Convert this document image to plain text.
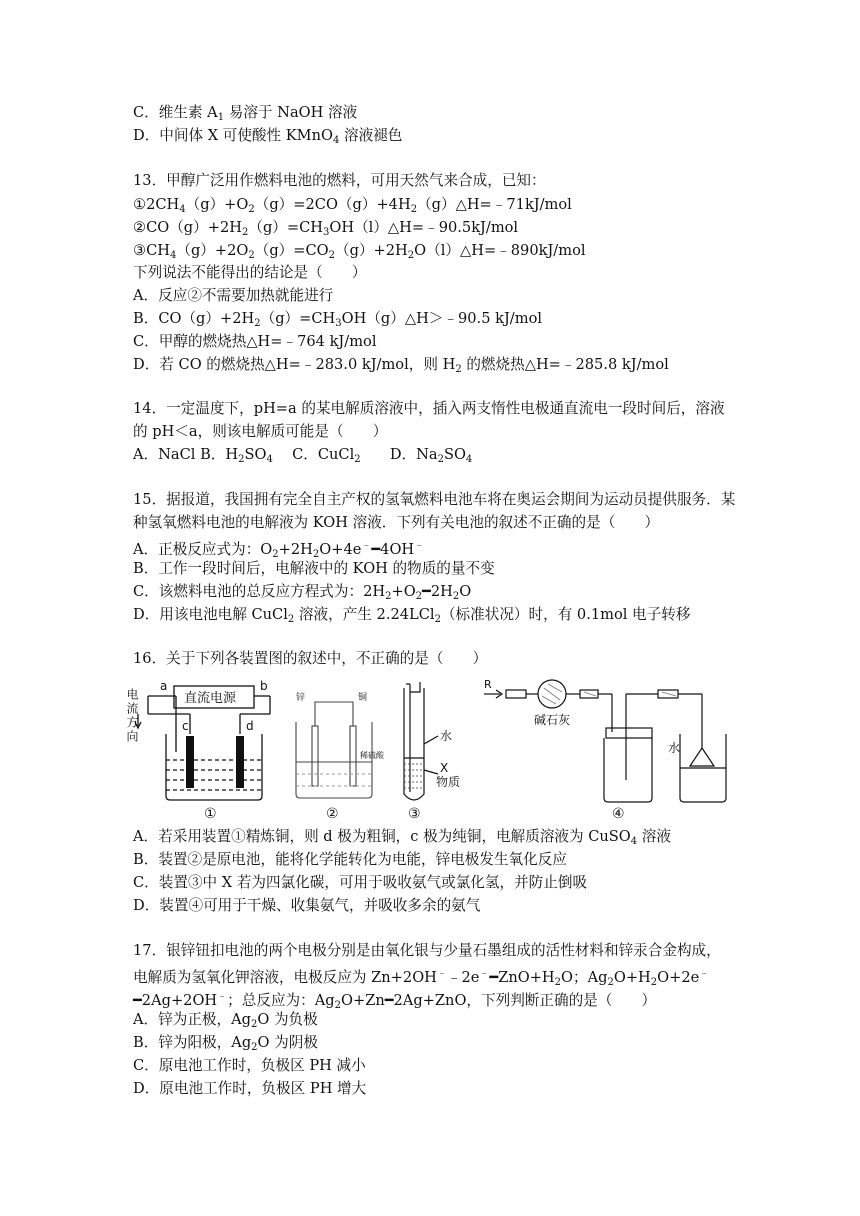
C．维生素 $A_1$ 易溶于 NaOH 溶液
D．中间体 X 可使酸性 KMnO$_4$ 溶液褪色
13．甲醇广泛用作燃料电池的燃料，可用天然气来合成，已知：
$①2CH_4(g)+O_2(g)=2CO(g)+4H_2(g)\triangle H=﹣71kJ$/mol
$②CO(g)+2H_2(g)=CH_3OH(l)\triangle H=﹣90.5kJ$/mol
$③CH_4(g)+2O_2(g)=CO_2(g)+2H_2O(l)\triangle H=﹣890kJ$/mol
下列说法不能得出的结论是（　　）
A．反应②不需要加热就能进行
B．$CO(g)+2H_2(g)=CH_3OH(g)\triangle H>﹣90.5$ kJ/mol
C．甲醇的燃烧热△H=﹣764 kJ/mol
D．若 CO 的燃烧热△H=﹣283.0 kJ/mol，则 $H_2$ 的燃烧热△H=﹣285.8 kJ/mol
14．一定温度下，pH=a 的某电解质溶液中，插入两支惰性电极通直流电一段时间后，溶液
的 pH＜a，则该电解质可能是（　　）
A．NaCl B．$H_2SO_4$　 C．CuCl$_2$　　D．$Na_2SO_4$
15．据报道，我国拥有完全自主产权的氢氧燃料电池车将在奥运会期间为运动员提供服务．某
种氢氧燃料电池的电解液为 KOH 溶液．下列有关电池的叙述不正确的是（　　）
A．正极反应式为：$O_2+2H_2O+4e^﹣━4OH^﹣$
B．工作一段时间后，电解液中的 KOH 的物质的量不变
C．该燃料电池的总反应方程式为：$2H_2+O_2━2H_2O$
D．用该电池电解 CuCl$_2$ 溶液，产生 2.24LCl$_2$（标准状况）时，有 0.1mol 电子转移
16．关于下列各装置图的叙述中，不正确的是（　　）
电流方向
a	b
直流电源
c	d
①
锌	铜
稀硫酸
②
水
X
物质
③
R
碱石灰
水
④
A．若采用装置①精炼铜，则 d 极为粗铜，c 极为纯铜，电解质溶液为 CuSO$_4$ 溶液
B．装置②是原电池，能将化学能转化为电能，锌电极发生氧化反应
C．装置③中 X 若为四氯化碳，可用于吸收氨气或氯化氢，并防止倒吸
D．装置④可用于干燥、收集氨气，并吸收多余的氨气
17．银锌钮扣电池的两个电极分别是由氧化银与少量石墨组成的活性材料和锌汞合金构成，
电解质为氢氧化钾溶液，电极反应为 $Zn+2OH^﹣﹣2e^﹣━ZnO+H_2O$；$Ag_2O+H_2O+2e^﹣$
━2Ag+2OH﹣；总反应为：$Ag_2O+Zn━2Ag+ZnO$，下列判断正确的是（　　）
A．锌为正极，$Ag_2O$ 为负极
B．锌为阳极，$Ag_2O$ 为阴极
C．原电池工作时，负极区 PH 减小
D．原电池工作时，负极区 PH 增大
